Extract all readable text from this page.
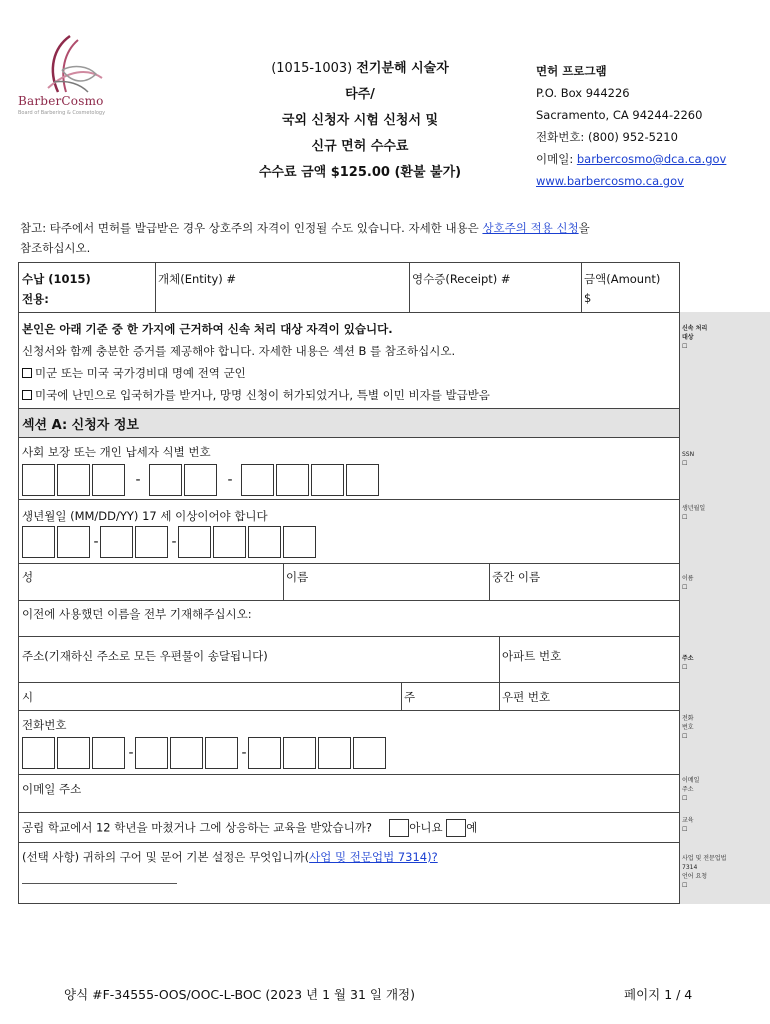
BarberCosmo
Board of Barbering & Cosmetology
(1015-1003) 전기분해 시술자
타주/
국외 신청자 시험 신청서 및
신규 면허 수수료
수수료 금액 $125.00 (환불 불가)
면허 프로그램
P.O. Box 944226
Sacramento, CA 94244-2260
전화번호: (800) 952-5210
이메일: barbercosmo@dca.ca.gov
www.barbercosmo.ca.gov
참고: 타주에서 면허를 발급받은 경우 상호주의 자격이 인정될 수도 있습니다. 자세한 내용은 상호주의 적용 신청을
참조하십시오.
수납 (1015)
전용:
개체(Entity) #	영수증(Receipt) #	금액(Amount)
$
본인은 아래 기준 중 한 가지에 근거하여 신속 처리 대상 자격이 있습니다.
신청서와 함께 충분한 증거를 제공해야 합니다. 자세한 내용은 섹션 B 를 참조하십시오.
미군 또는 미국 국가경비대 명예 전역 군인
미국에 난민으로 입국허가를 받거나, 망명 신청이 허가되었거나, 특별 이민 비자를 발급받음
섹션 A: 신청자 정보
사회 보장 또는 개인 납세자 식별 번호
-	-
생년월일 (MM/DD/YY) 17 세 이상이어야 합니다
-	-
성	이름	중간 이름
이전에 사용했던 이름을 전부 기재해주십시오:
주소(기재하신 주소로 모든 우편물이 송달됩니다)	아파트 번호
시	주	우편 번호
전화번호
-	-
이메일 주소
공립 학교에서 12 학년을 마쳤거나 그에 상응하는 교육을 받았습니까?	아니요 예
(선택 사항) 귀하의 구어 및 문어 기본 설정은 무엇입니까(사업 및 전문업법 7314)?
신속 처리
대상
☐
SSN
☐
생년월일
☐
이름
☐
주소
☐
전화
번호
☐
이메일
주소
☐
교육
☐
사업 및 전문업법
7314
언어 요청
☐
양식 #F-34555-OOS/OOC-L-BOC (2023 년 1 월 31 일 개정)	페이지 1 / 4
